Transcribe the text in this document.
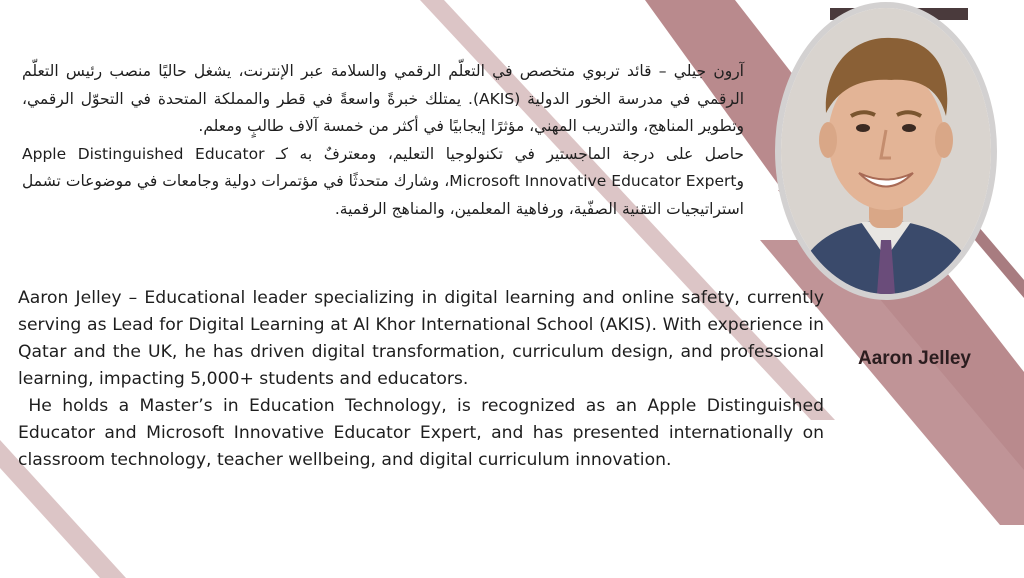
آرون جيلي – قائد تربوي متخصص في التعلّم الرقمي والسلامة عبر الإنترنت، يشغل حاليًا منصب رئيس التعلّم الرقمي في مدرسة الخور الدولية (AKIS). يمتلك خبرةً واسعةً في قطر والمملكة المتحدة في التحوّل الرقمي، وتطوير المناهج، والتدريب المهني، مؤثرًا إيجابيًا في أكثر من خمسة آلاف طالبٍ ومعلم.

حاصل على درجة الماجستير في تكنولوجيا التعليم، ومعترفٌ به كـ Apple Distinguished Educator وMicrosoft Innovative Educator Expert، وشارك متحدثًا في مؤتمرات دولية وجامعات في موضوعات تشمل استراتيجيات التقنية الصفّية، ورفاهية المعلمين، والمناهج الرقمية.

Aaron Jelley – Educational leader specializing in digital learning and online safety, currently serving as Lead for Digital Learning at Al Khor International School (AKIS). With experience in Qatar and the UK, he has driven digital transformation, curriculum design, and professional learning, impacting 5,000+ students and educators.

He holds a Master’s in Education Technology, is recognized as an Apple Distinguished Educator and Microsoft Innovative Educator Expert, and has presented internationally on classroom technology, teacher wellbeing, and digital curriculum innovation.

Aaron Jelley
